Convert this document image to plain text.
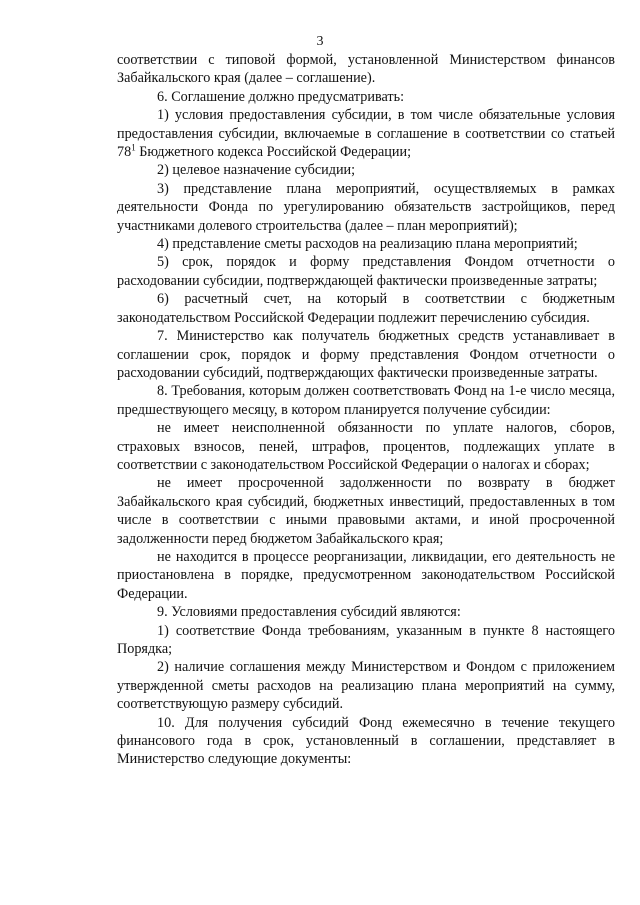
3

соответствии с типовой формой, установленной Министерством финансов Забайкальского края (далее – соглашение).

6. Соглашение должно предусматривать:

1) условия предоставления субсидии, в том числе обязательные условия предоставления субсидии, включаемые в соглашение в соответствии со статьей $78^1$ Бюджетного кодекса Российской Федерации;

2) целевое назначение субсидии;

3) представление плана мероприятий, осуществляемых в рамках деятельности Фонда по урегулированию обязательств застройщиков, перед участниками долевого строительства (далее – план мероприятий);

4) представление сметы расходов на реализацию плана мероприятий;

5) срок, порядок и форму представления Фондом отчетности о расходовании субсидии, подтверждающей фактически произведенные затраты;

6) расчетный счет, на который в соответствии с бюджетным законодательством Российской Федерации подлежит перечислению субсидия.

7. Министерство как получатель бюджетных средств устанавливает в соглашении срок, порядок и форму представления Фондом отчетности о расходовании субсидий, подтверждающих фактически произведенные затраты.

8. Требования, которым должен соответствовать Фонд на 1-е число месяца, предшествующего месяцу, в котором планируется получение субсидии:

не имеет неисполненной обязанности по уплате налогов, сборов, страховых взносов, пеней, штрафов, процентов, подлежащих уплате в соответствии с законодательством Российской Федерации о налогах и сборах;

не имеет просроченной задолженности по возврату в бюджет Забайкальского края субсидий, бюджетных инвестиций, предоставленных в том числе в соответствии с иными правовыми актами, и иной просроченной задолженности перед бюджетом Забайкальского края;

не находится в процессе реорганизации, ликвидации, его деятельность не приостановлена в порядке, предусмотренном законодательством Российской Федерации.

9. Условиями предоставления субсидий являются:

1) соответствие Фонда требованиям, указанным в пункте 8 настоящего Порядка;

2) наличие соглашения между Министерством и Фондом с приложением утвержденной сметы расходов на реализацию плана мероприятий на сумму, соответствующую размеру субсидий.

10. Для получения субсидий Фонд ежемесячно в течение текущего финансового года в срок, установленный в соглашении, представляет в Министерство следующие документы:
